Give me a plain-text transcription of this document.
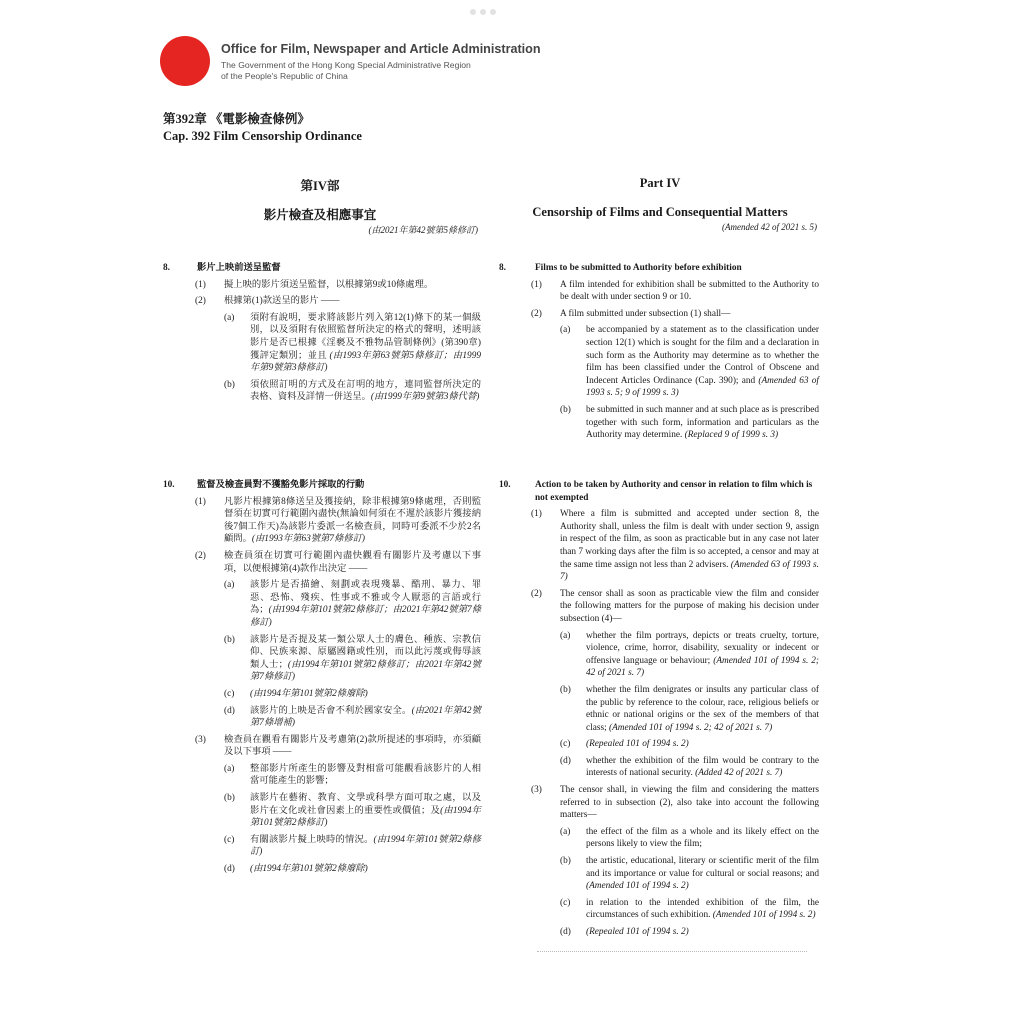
Office for Film, Newspaper and Article Administration
The Government of the Hong Kong Special Administrative Region
of the People's Republic of China
第392章 《電影檢查條例》
Cap. 392 Film Censorship Ordinance
第IV部
影片檢查及相應事宜
(由2021年第42號第5條修訂)
Part IV
Censorship of Films and Consequential Matters
(Amended 42 of 2021 s. 5)
8.	影片上映前送呈監督
(1) 擬上映的影片須送呈監督，以根據第9或10條處理。
(2) 根據第(1)款送呈的影片 ——
(a) 須附有說明，要求將該影片列入第12(1)條下的某一個級別，以及須附有依照監督所決定的格式的聲明，述明該影片是否已根據《淫褻及不雅物品管制條例》(第390章)獲評定類別；並且 (由1993年第63號第5條修訂；由1999年第9號第3條修訂)
(b) 須依照訂明的方式及在訂明的地方，連同監督所決定的表格、資料及詳情一併送呈。(由1999年第9號第3條代替)
10. 監督及檢查員對不獲豁免影片採取的行動
(1) 凡影片根據第8條送呈及獲接納，除非根據第9條處理，否則監督須在切實可行範圍內盡快(無論如何須在不遲於該影片獲接納後7個工作天)為該影片委派一名檢查員，同時可委派不少於2名顧問。(由1993年第63號第7條修訂)
(2) 檢查員須在切實可行範圍內盡快觀看有關影片及考慮以下事項，以便根據第(4)款作出決定 ——
(a) 該影片是否描繪、刻劃或表現殘暴、酷刑、暴力、罪惡、恐怖、殘疾、性事或不雅或令人厭惡的言語或行為；(由1994年第101號第2條修訂；由2021年第42號第7條修訂)
(b) 該影片是否提及某一類公眾人士的膚色、種族、宗教信仰、民族來源、原屬國籍或性別，而以此污蔑或侮辱該類人士；(由1994年第101號第2條修訂；由2021年第42號第7條修訂)
(c) (由1994年第101號第2條廢除)
(d) 該影片的上映是否會不利於國家安全。(由2021年第42號第7條增補)
(3) 檢查員在觀看有關影片及考慮第(2)款所提述的事項時，亦須顧及以下事項 ——
(a) 整部影片所產生的影響及對相當可能觀看該影片的人相當可能產生的影響；
(b) 該影片在藝術、教育、文學或科學方面可取之處，以及影片在文化或社會因素上的重要性或價值；及(由1994年第101號第2條修訂)
(c) 有關該影片擬上映時的情況。(由1994年第101號第2條修訂)
(d) (由1994年第101號第2條廢除)
8.	Films to be submitted to Authority before exhibition
(1) A film intended for exhibition shall be submitted to the Authority to be dealt with under section 9 or 10.
(2) A film submitted under subsection (1) shall—
(a) be accompanied by a statement as to the classification under section 12(1) which is sought for the film and a declaration in such form as the Authority may determine as to whether the film has been classified under the Control of Obscene and Indecent Articles Ordinance (Cap. 390); and (Amended 63 of 1993 s. 5; 9 of 1999 s. 3)
(b) be submitted in such manner and at such place as is prescribed together with such form, information and particulars as the Authority may determine. (Replaced 9 of 1999 s. 3)
10.	Action to be taken by Authority and censor in relation to film which is not exempted
(1) Where a film is submitted and accepted under section 8, the Authority shall, unless the film is dealt with under section 9, assign in respect of the film, as soon as practicable but in any case not later than 7 working days after the film is so accepted, a censor and may at the same time assign not less than 2 advisers. (Amended 63 of 1993 s. 7)
(2) The censor shall as soon as practicable view the film and consider the following matters for the purpose of making his decision under subsection (4)—
(a) whether the film portrays, depicts or treats cruelty, torture, violence, crime, horror, disability, sexuality or indecent or offensive language or behaviour; (Amended 101 of 1994 s. 2; 42 of 2021 s. 7)
(b) whether the film denigrates or insults any particular class of the public by reference to the colour, race, religious beliefs or ethnic or national origins or the sex of the members of that class; (Amended 101 of 1994 s. 2; 42 of 2021 s. 7)
(c) (Repealed 101 of 1994 s. 2)
(d) whether the exhibition of the film would be contrary to the interests of national security. (Added 42 of 2021 s. 7)
(3) The censor shall, in viewing the film and considering the matters referred to in subsection (2), also take into account the following matters—
(a) the effect of the film as a whole and its likely effect on the persons likely to view the film;
(b) the artistic, educational, literary or scientific merit of the film and its importance or value for cultural or social reasons; and (Amended 101 of 1994 s. 2)
(c) in relation to the intended exhibition of the film, the circumstances of such exhibition. (Amended 101 of 1994 s. 2)
(d) (Repealed 101 of 1994 s. 2)
